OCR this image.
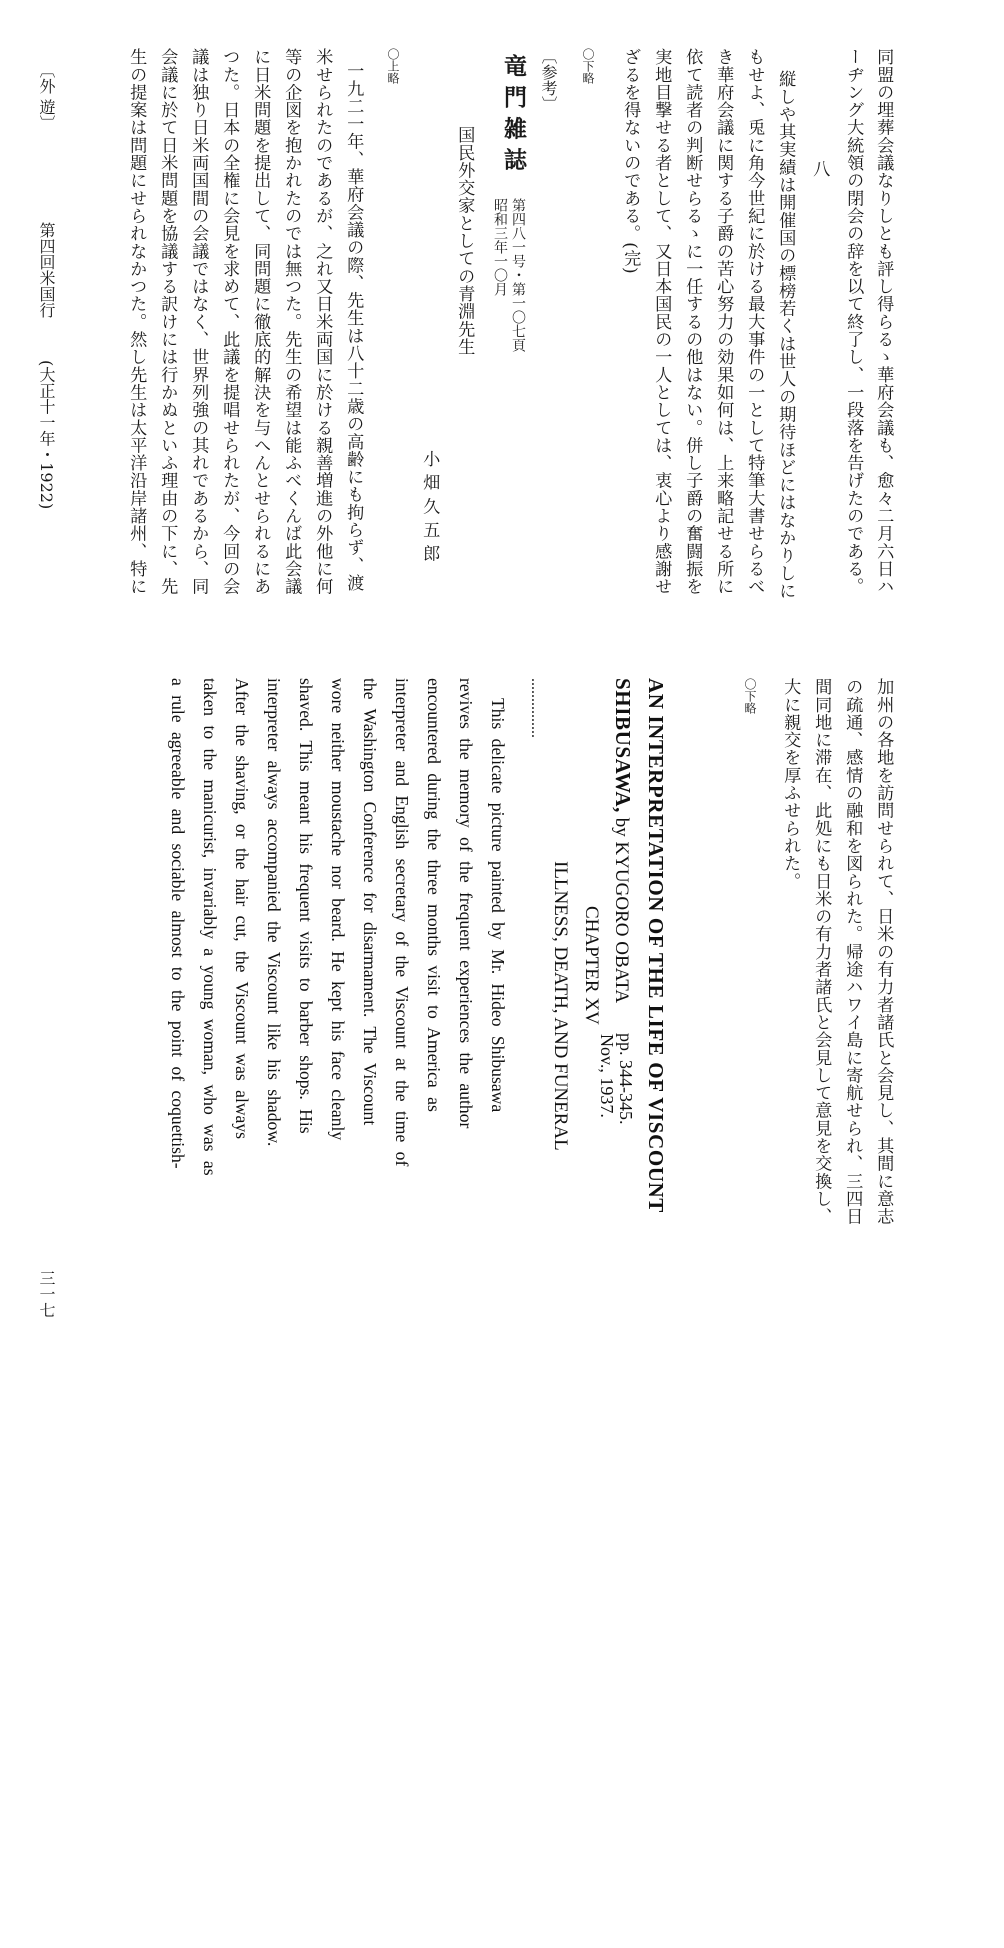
同盟の埋葬会議なりしとも評し得らるゝ華府会議も、愈々二月六日ハ
ーヂング大統領の閉会の辞を以て終了し、一段落を告げたのである。
八
縦しや其実績は開催国の標榜若くは世人の期待ほどにはなかりしに
もせよ、兎に角今世紀に於ける最大事件の一として特筆大書せらるべ
き華府会議に関する子爵の苦心努力の効果如何は、上来略記せる所に
依て読者の判断せらるゝに一任するの他はない。併し子爵の奮闘振を
実地目撃せる者として、又日本国民の一人としては、衷心より感謝せ
ざるを得ないのである。(完)
〇下略
〔参考〕
竜 門 雑 誌
第四八一号・第一〇七頁
昭和三年一〇月
国民外交家としての青淵先生
小 畑 久 五 郎
〇上略
一九二一年、華府会議の際、先生は八十二歳の高齢にも拘らず、渡
米せられたのであるが、之れ又日米両国に於ける親善増進の外他に何
等の企図を抱かれたのでは無つた。先生の希望は能ふべくんば此会議
に日米問題を提出して、同問題に徹底的解決を与へんとせられるにあ
つた。日本の全権に会見を求めて、此議を提唱せられたが、今回の会
議は独り日米両国間の会議ではなく、世界列強の其れであるから、同
会議に於て日米問題を協議する訳けには行かぬといふ理由の下に、先
生の提案は問題にせられなかつた。然し先生は太平洋沿岸諸州、特に
加州の各地を訪問せられて、日米の有力者諸氏と会見し、其間に意志
の疏通、感情の融和を図られた。帰途ハワイ島に寄航せられ、三四日
間同地に滞在、此処にも日米の有力者諸氏と会見して意見を交換し、
大に親交を厚ふせられた。
〇下略
AN INTERPRETATION OF THE LIFE OF VISCOUNT
SHIBUSAWA, by KYUGORO OBATA
pp. 344-345.
Nov., 1937.
CHAPTER XV
ILLNESS, DEATH, AND FUNERAL
...............
This delicate picture painted by Mr. Hideo Shibusawa
revives the memory of the frequent experiences the author
encountered during the three months visit to America as
interpreter and English secretary of the Viscount at the time of
the Washington Conference for disarmament. The Viscount
wore neither moustache nor beard. He kept his face cleanly
shaved. This meant his frequent visits to barber shops. His
interpreter always accompanied the Viscount like his shadow.
After the shaving, or the hair cut, the Viscount was always
taken to the manicurist, invariably a young woman, who was as
a rule agreeable and sociable almost to the point of coquettish-
〔外 遊〕
第四回米国行
(大正十一年・1922)
三一七
